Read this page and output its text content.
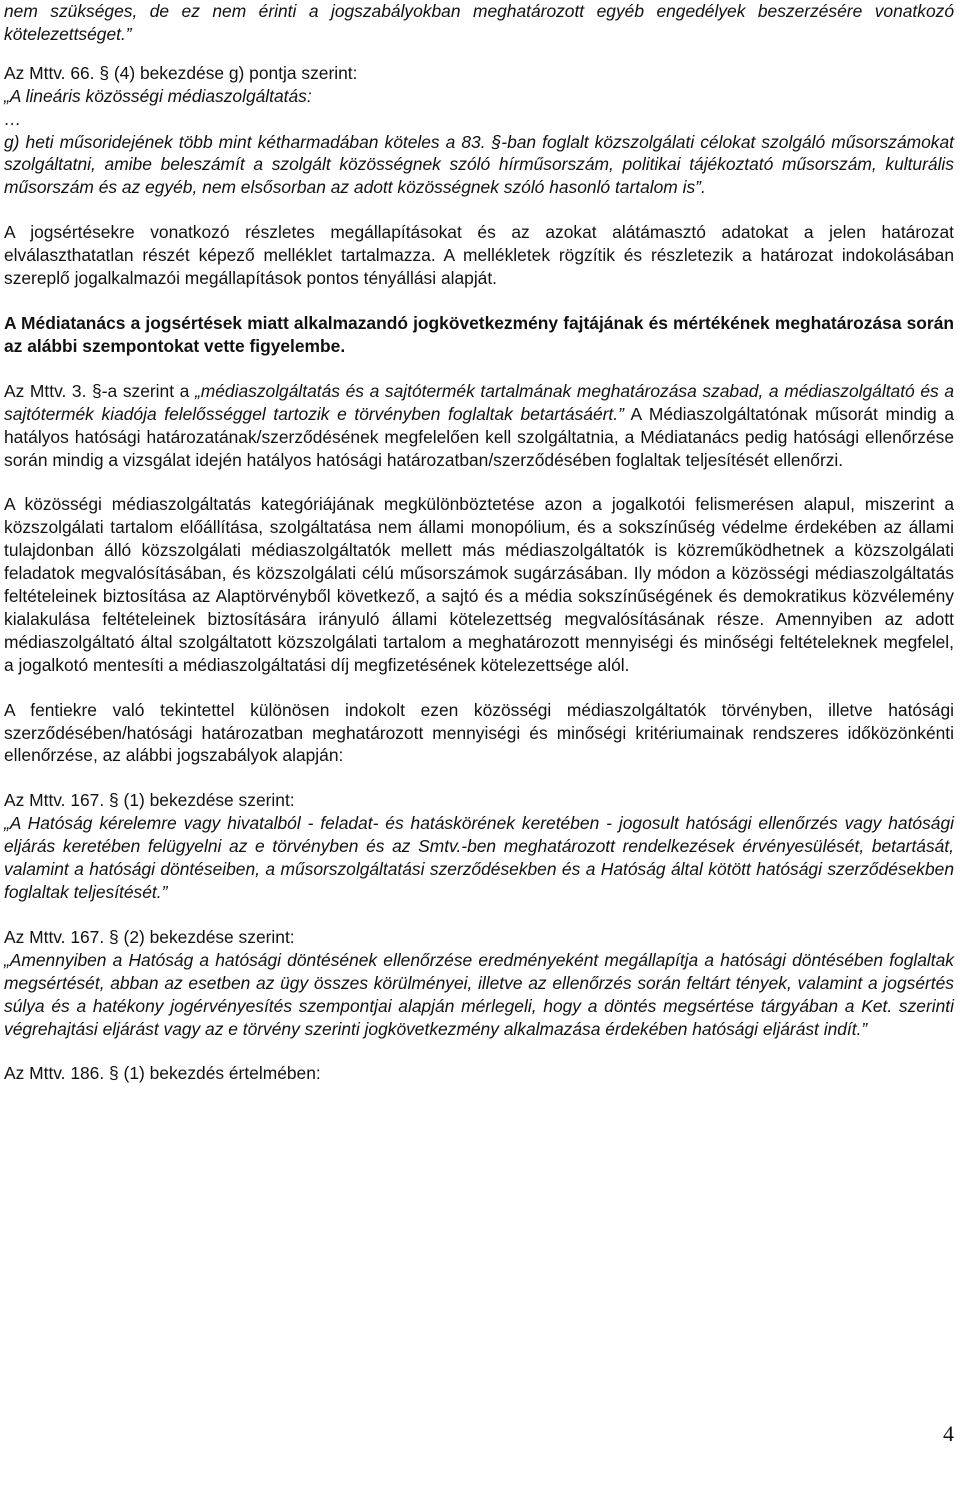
nem szükséges, de ez nem érinti a jogszabályokban meghatározott egyéb engedélyek beszerzésére vonatkozó kötelezettséget.”

Az Mttv. 66. § (4) bekezdése g) pontja szerint:

„A lineáris közösségi médiaszolgáltatás:

…

g) heti műsoridejének több mint kétharmadában köteles a 83. §-ban foglalt közszolgálati célokat szolgáló műsorszámokat szolgáltatni, amibe beleszámít a szolgált közösségnek szóló hírműsorszám, politikai tájékoztató műsorszám, kulturális műsorszám és az egyéb, nem elsősorban az adott közösségnek szóló hasonló tartalom is”.

A jogsértésekre vonatkozó részletes megállapításokat és az azokat alátámasztó adatokat a jelen határozat elválaszthatatlan részét képező melléklet tartalmazza. A mellékletek rögzítik és részletezik a határozat indokolásában szereplő jogalkalmazói megállapítások pontos tényállási alapját.

A Médiatanács a jogsértések miatt alkalmazandó jogkövetkezmény fajtájának és mértékének meghatározása során az alábbi szempontokat vette figyelembe.

Az Mttv. 3. §-a szerint a „médiaszolgáltatás és a sajtótermék tartalmának meghatározása szabad, a médiaszolgáltató és a sajtótermék kiadója felelősséggel tartozik e törvényben foglaltak betartásáért.” A Médiaszolgáltatónak műsorát mindig a hatályos hatósági határozatának/szerződésének megfelelően kell szolgáltatnia, a Médiatanács pedig hatósági ellenőrzése során mindig a vizsgálat idején hatályos hatósági határozatban/szerződésében foglaltak teljesítését ellenőrzi.

A közösségi médiaszolgáltatás kategóriájának megkülönböztetése azon a jogalkotói felismerésen alapul, miszerint a közszolgálati tartalom előállítása, szolgáltatása nem állami monopólium, és a sokszínűség védelme érdekében az állami tulajdonban álló közszolgálati médiaszolgáltatók mellett más médiaszolgáltatók is közreműködhetnek a közszolgálati feladatok megvalósításában, és közszolgálati célú műsorszámok sugárzásában. Ily módon a közösségi médiaszolgáltatás feltételeinek biztosítása az Alaptörvényből következő, a sajtó és a média sokszínűségének és demokratikus közvélemény kialakulása feltételeinek biztosítására irányuló állami kötelezettség megvalósításának része. Amennyiben az adott médiaszolgáltató által szolgáltatott közszolgálati tartalom a meghatározott mennyiségi és minőségi feltételeknek megfelel, a jogalkotó mentesíti a médiaszolgáltatási díj megfizetésének kötelezettsége alól.

A fentiekre való tekintettel különösen indokolt ezen közösségi médiaszolgáltatók törvényben, illetve hatósági szerződésében/hatósági határozatban meghatározott mennyiségi és minőségi kritériumainak rendszeres időközönkénti ellenőrzése, az alábbi jogszabályok alapján:

Az Mttv. 167. § (1) bekezdése szerint:

„A Hatóság kérelemre vagy hivatalból - feladat- és hatáskörének keretében - jogosult hatósági ellenőrzés vagy hatósági eljárás keretében felügyelni az e törvényben és az Smtv.-ben meghatározott rendelkezések érvényesülését, betartását, valamint a hatósági döntéseiben, a műsorszolgáltatási szerződésekben és a Hatóság által kötött hatósági szerződésekben foglaltak teljesítését.”

Az Mttv. 167. § (2) bekezdése szerint:

„Amennyiben a Hatóság a hatósági döntésének ellenőrzése eredményeként megállapítja a hatósági döntésében foglaltak megsértését, abban az esetben az ügy összes körülményei, illetve az ellenőrzés során feltárt tények, valamint a jogsértés súlya és a hatékony jogérvényesítés szempontjai alapján mérlegeli, hogy a döntés megsértése tárgyában a Ket. szerinti végrehajtási eljárást vagy az e törvény szerinti jogkövetkezmény alkalmazása érdekében hatósági eljárást indít.”

Az Mttv. 186. § (1) bekezdés értelmében:

4
